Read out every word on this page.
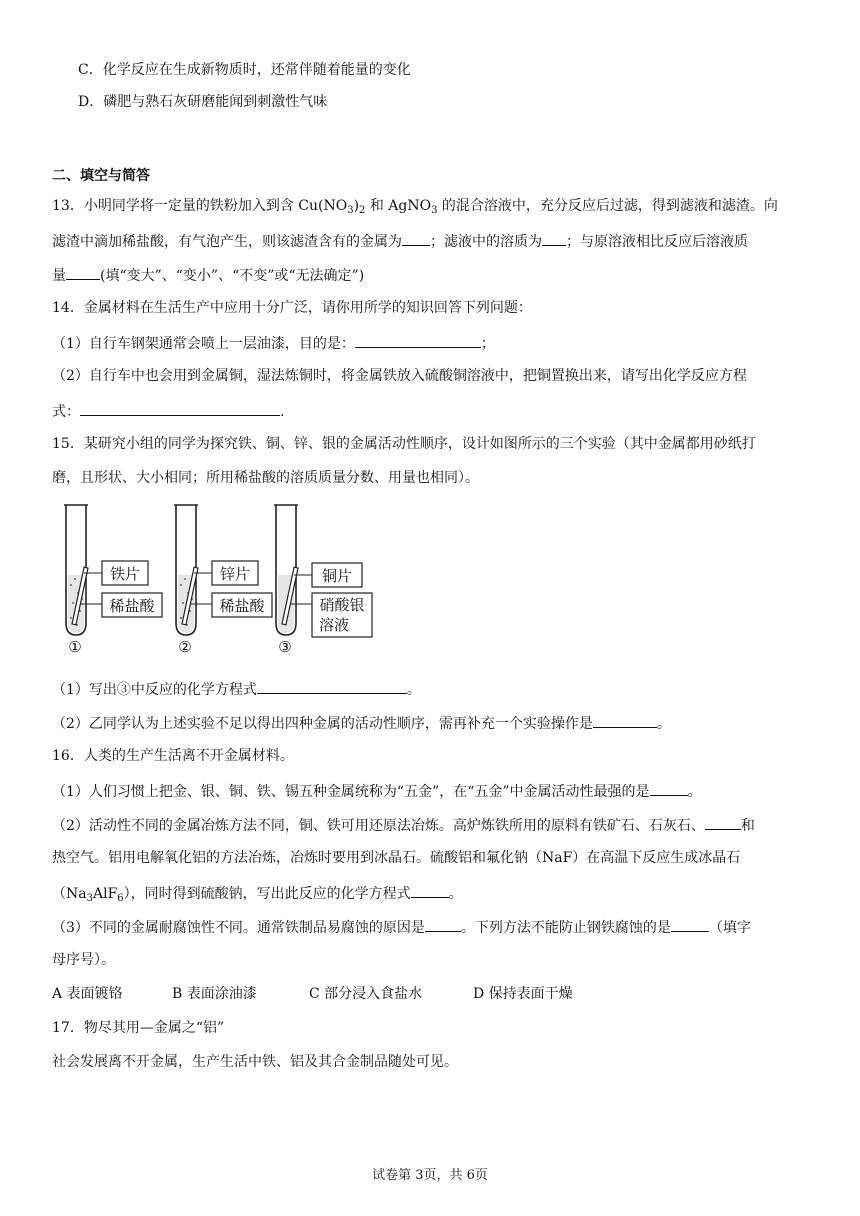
C．化学反应在生成新物质时，还常伴随着能量的变化
D．磷肥与熟石灰研磨能闻到刺激性气味
二、填空与简答
13．小明同学将一定量的铁粉加入到含 $Cu(NO_3)_2$ 和 AgNO$_3$ 的混合溶液中，充分反应后过滤，得到滤液和滤渣。向
滤渣中滴加稀盐酸，有气泡产生，则该滤渣含有的金属为 ；滤液中的溶质为 ；与原溶液相比反应后溶液质
量 (填“变大”、“变小”、“不变”或“无法确定”)
14．金属材料在生活生产中应用十分广泛，请你用所学的知识回答下列问题：
（1）自行车钢架通常会喷上一层油漆，目的是：	；
（2）自行车中也会用到金属铜，湿法炼铜时，将金属铁放入硫酸铜溶液中，把铜置换出来，请写出化学反应方程
式：	.
15．某研究小组的同学为探究铁、铜、锌、银的金属活动性顺序，设计如图所示的三个实验（其中金属都用砂纸打
磨，且形状、大小相同；所用稀盐酸的溶质质量分数、用量也相同）。
铁片
稀盐酸
①
锌片
稀盐酸
②
铜片
硝酸银
溶液
③
（1）写出③中反应的化学方程式	。
（2）乙同学认为上述实验不足以得出四种金属的活动性顺序，需再补充一个实验操作是	。
16．人类的生产生活离不开金属材料。
（1）人们习惯上把金、银、铜、铁、锡五种金属统称为“五金”，在“五金”中金属活动性最强的是	。
（2）活动性不同的金属冶炼方法不同，铜、铁可用还原法冶炼。高炉炼铁所用的原料有铁矿石、石灰石、	和
热空气。铝用电解氧化铝的方法冶炼，冶炼时要用到冰晶石。硫酸铝和氟化钠（NaF）在高温下反应生成冰晶石
$(Na_3AlF_6)$，同时得到硫酸钠，写出此反应的化学方程式	。
（3）不同的金属耐腐蚀性不同。通常铁制品易腐蚀的原因是	。下列方法不能防止钢铁腐蚀的是	（填字
母序号）。
A 表面镀铬	B 表面涂油漆	C 部分浸入食盐水	D 保持表面干燥
17．物尽其用—金属之“铝”
社会发展离不开金属，生产生活中铁、铝及其合金制品随处可见。
试卷第 3页，共 6页
